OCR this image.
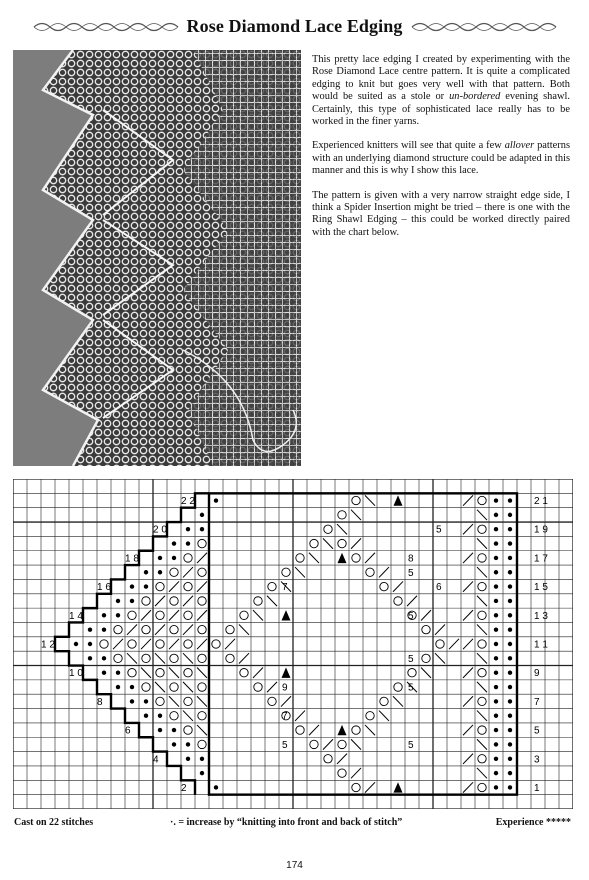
Rose Diamond Lace Edging

This pretty lace edging I created by experimenting with the Rose Diamond Lace centre pattern. It is quite a complicated edging to knit but goes very well with that pattern. Both would be suited as a stole or un-bordered evening shawl. Certainly, this type of sophisticated lace really has to be worked in the finer yarns.

Experienced knitters will see that quite a few allover patterns with an underlying diamond structure could be adapted in this manner and this is why I show this lace.

The pattern is given with a very narrow straight edge side, I think a Spider Insertion might be tried – there is one with the Ring Shawl Edging – this could be worked directly paired with the chart below.

2 2
2 0
1 8
1 6
1 4
1 2
1 0
8
6
4
2
2 1
1 9
1 7
1 5
1 3
1 1
9
7
5
3
1
5
8
5
6
7
5
9
7
5	5
5
5
Cast on 22 stitches	·. = increase by “knitting into front and back of stitch”	Experience *****
174
